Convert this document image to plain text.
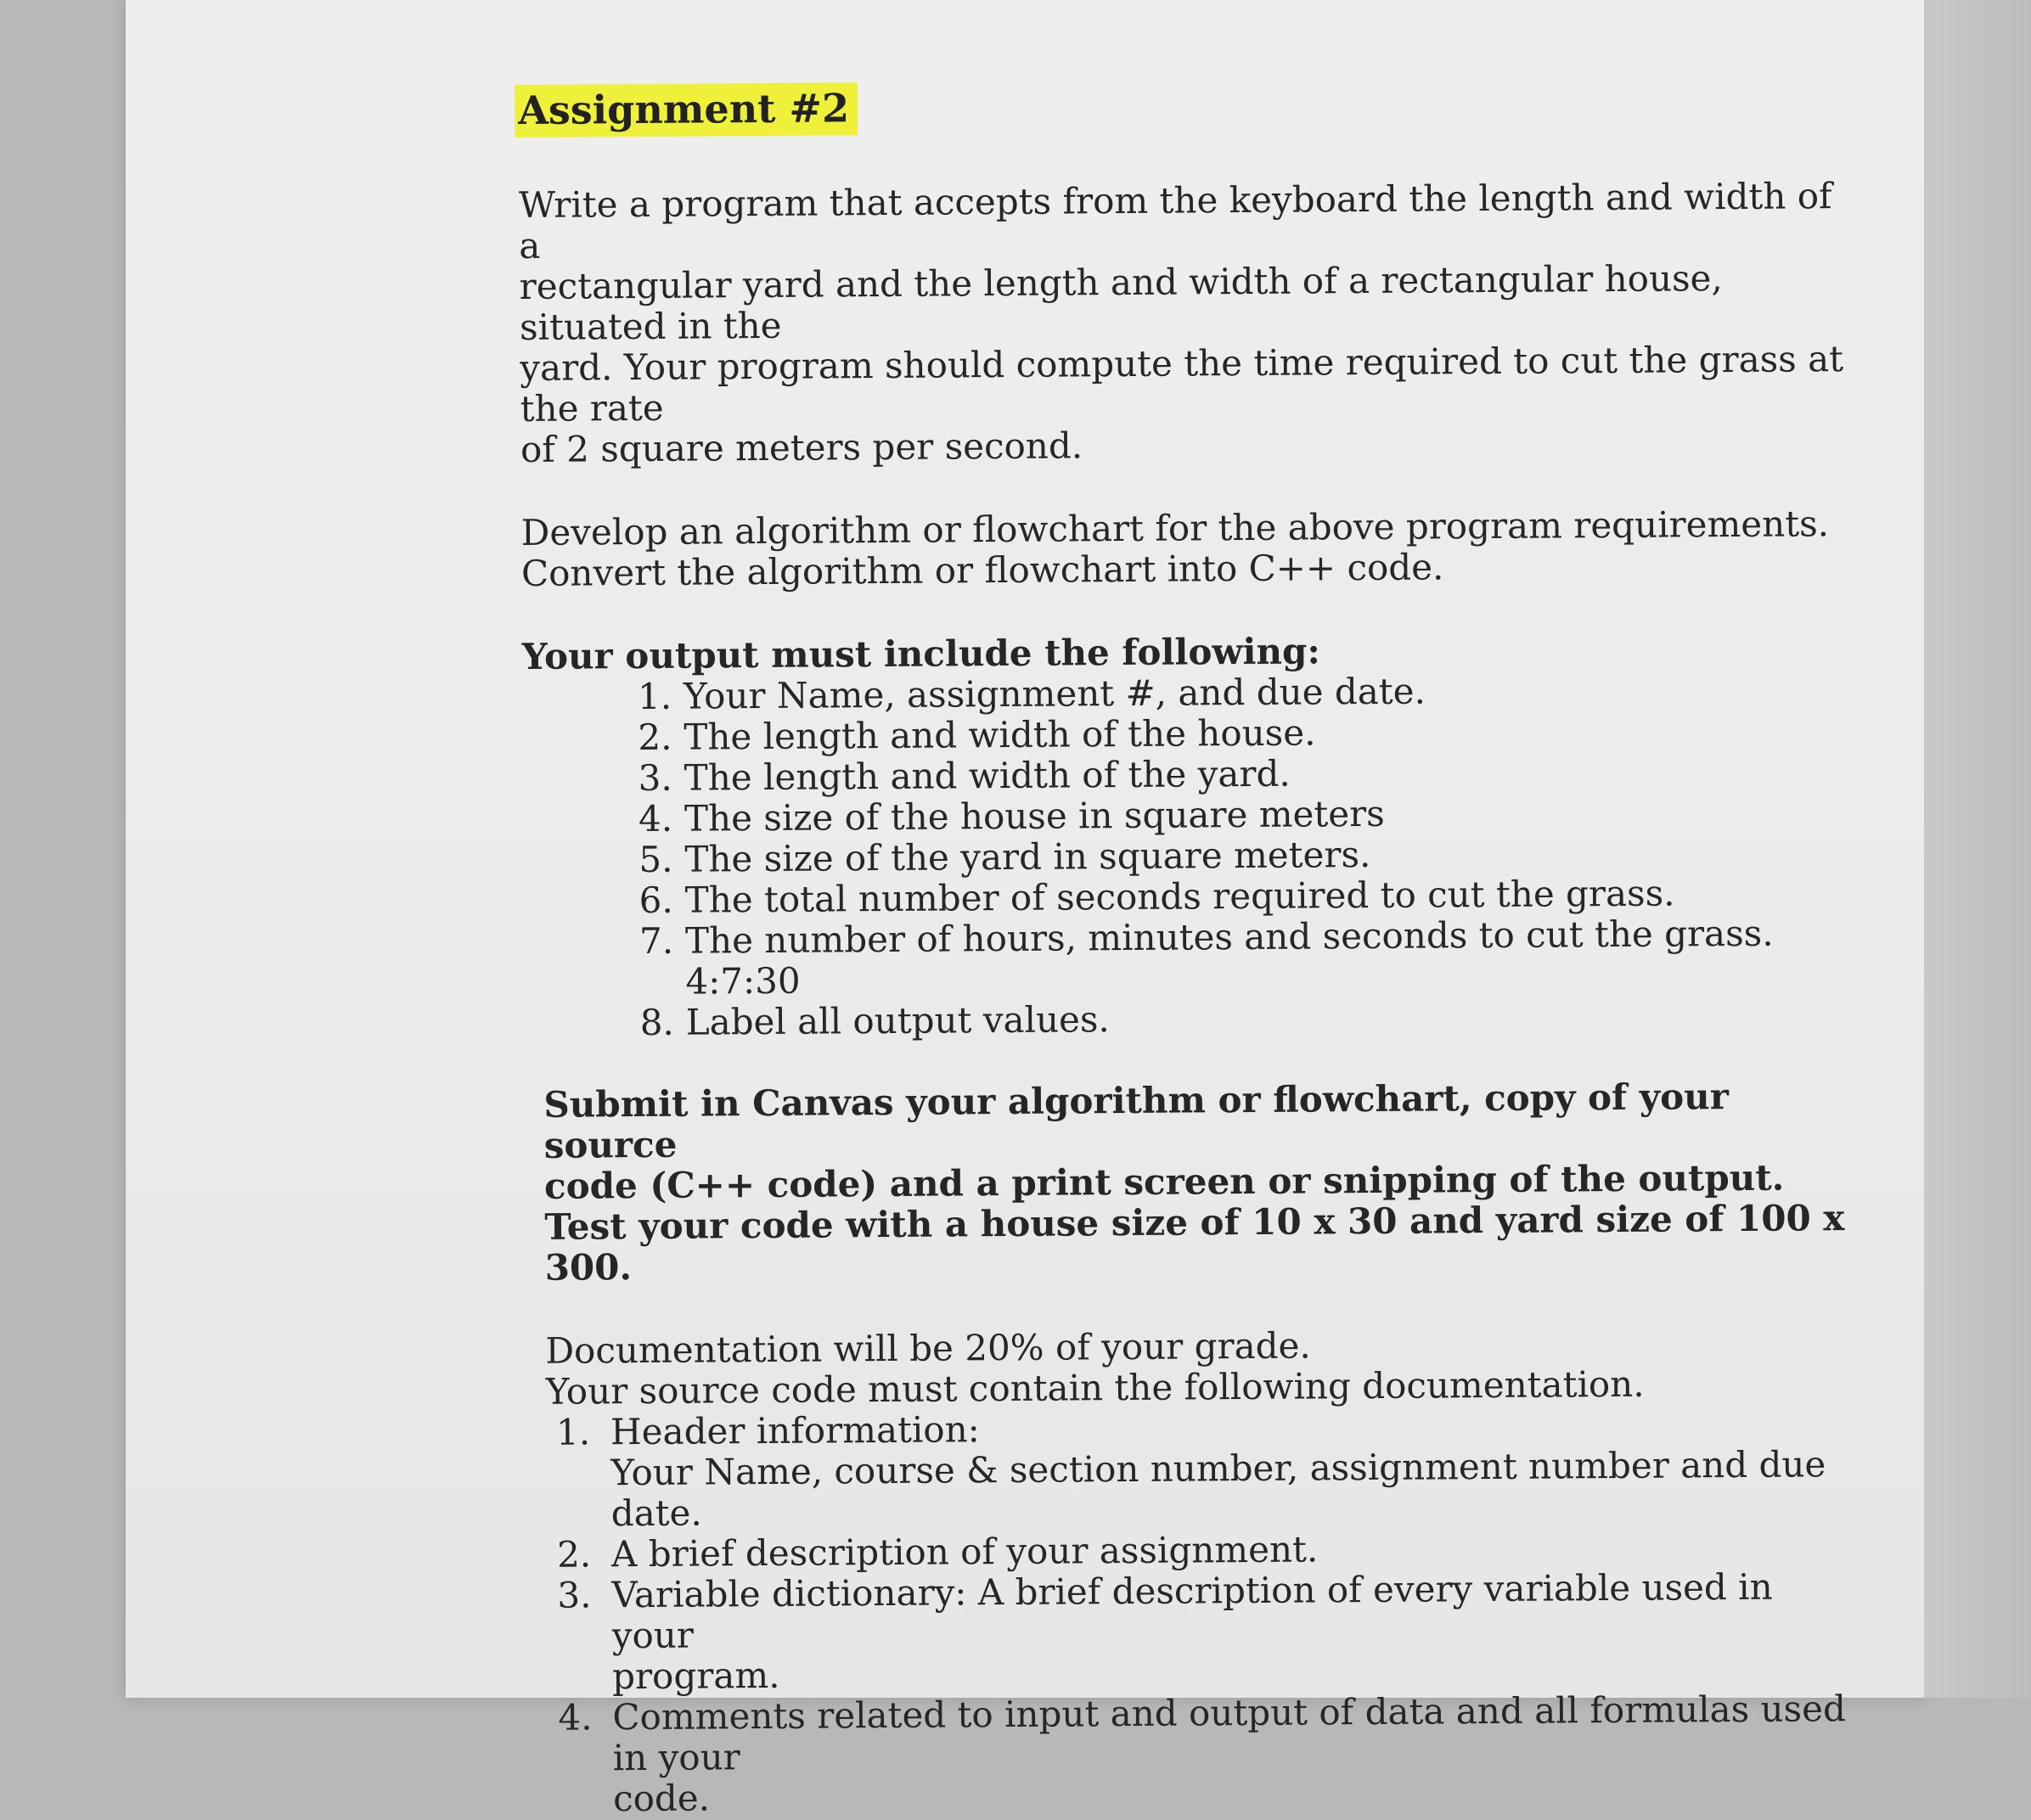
Assignment #2

Write a program that accepts from the keyboard the length and width of a

rectangular yard and the length and width of a rectangular house, situated in the

yard. Your program should compute the time required to cut the grass at the rate

of 2 square meters per second.

Develop an algorithm or flowchart for the above program requirements.

Convert the algorithm or flowchart into C++ code.

Your output must include the following:
1. Your Name, assignment #, and due date.
2. The length and width of the house.
3. The length and width of the yard.
4. The size of the house in square meters
5. The size of the yard in square meters.
6. The total number of seconds required to cut the grass.
7. The number of hours, minutes and seconds to cut the grass. 4:7:30
8. Label all output values.

Submit in Canvas your algorithm or flowchart, copy of your source

code (C++ code) and a print screen or snipping of the output.

Test your code with a house size of 10 x 30 and yard size of 100 x 300.

Documentation will be 20% of your grade.

Your source code must contain the following documentation.

1. Header information:
Your Name, course & section number, assignment number and due date.
2. A brief description of your assignment.
3. Variable dictionary: A brief description of every variable used in your
program.
4. Comments related to input and output of data and all formulas used in your
code.
